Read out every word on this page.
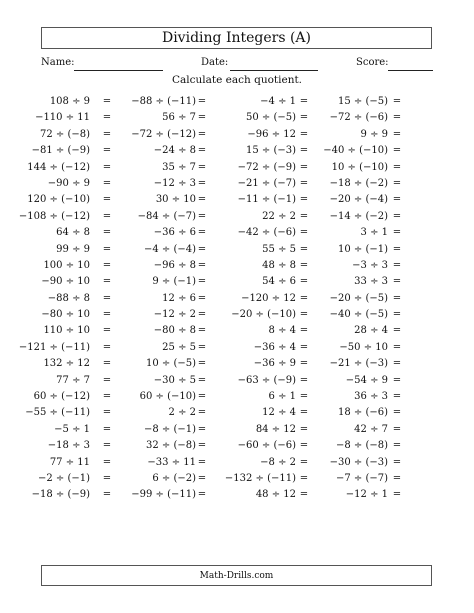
Dividing Integers (A)
Name:	Date:	Score:
Calculate each quotient.
108 ÷ 9 = −88 ÷ (−11) =	−4 ÷ 1 =	15 ÷ (−5) =
−110 ÷ 11 =	56 ÷ 7 =	50 ÷ (−5) = −72 ÷ (−6) =
72 ÷ (−8) = −72 ÷ (−12) =	−96 ÷ 12 =	9 ÷ 9 =
−81 ÷ (−9) =	−24 ÷ 8 =	15 ÷ (−3) = −40 ÷ (−10) =
144 ÷ (−12) =	35 ÷ 7 =	−72 ÷ (−9) = 10 ÷ (−10) =
−90 ÷ 9 =	−12 ÷ 3 =	−21 ÷ (−7) = −18 ÷ (−2) =
120 ÷ (−10) =	30 ÷ 10 =	−11 ÷ (−1) = −20 ÷ (−4) =
−108 ÷ (−12) =	−84 ÷ (−7) =	22 ÷ 2 = −14 ÷ (−2) =
64 ÷ 8 =	−36 ÷ 6 =	−42 ÷ (−6) =	3 ÷ 1 =
99 ÷ 9 =	−4 ÷ (−4) =	55 ÷ 5 =	10 ÷ (−1) =
100 ÷ 10 =	−96 ÷ 8 =	48 ÷ 8 =	−3 ÷ 3 =
−90 ÷ 10 =	9 ÷ (−1) =	54 ÷ 6 =	33 ÷ 3 =
−88 ÷ 8 =	12 ÷ 6 =	−120 ÷ 12 = −20 ÷ (−5) =
−80 ÷ 10 =	−12 ÷ 2 =	−20 ÷ (−10) = −40 ÷ (−5) =
110 ÷ 10 =	−80 ÷ 8 =	8 ÷ 4 =	28 ÷ 4 =
−121 ÷ (−11) =	25 ÷ 5 =	−36 ÷ 4 =	−50 ÷ 10 =
132 ÷ 12 =	10 ÷ (−5) =	−36 ÷ 9 = −21 ÷ (−3) =
77 ÷ 7 =	−30 ÷ 5 =	−63 ÷ (−9) =	−54 ÷ 9 =
60 ÷ (−12) =	60 ÷ (−10) =	6 ÷ 1 =	36 ÷ 3 =
−55 ÷ (−11) =	2 ÷ 2 =	12 ÷ 4 =	18 ÷ (−6) =
−5 ÷ 1 =	−8 ÷ (−1) =	84 ÷ 12 =	42 ÷ 7 =
−18 ÷ 3 =	32 ÷ (−8) =	−60 ÷ (−6) =	−8 ÷ (−8) =
77 ÷ 11 =	−33 ÷ 11 =	−8 ÷ 2 = −30 ÷ (−3) =
−2 ÷ (−1) =	6 ÷ (−2) = −132 ÷ (−11) =	−7 ÷ (−7) =
−18 ÷ (−9) = −99 ÷ (−11) =	48 ÷ 12 =	−12 ÷ 1 =
Math-Drills.com
